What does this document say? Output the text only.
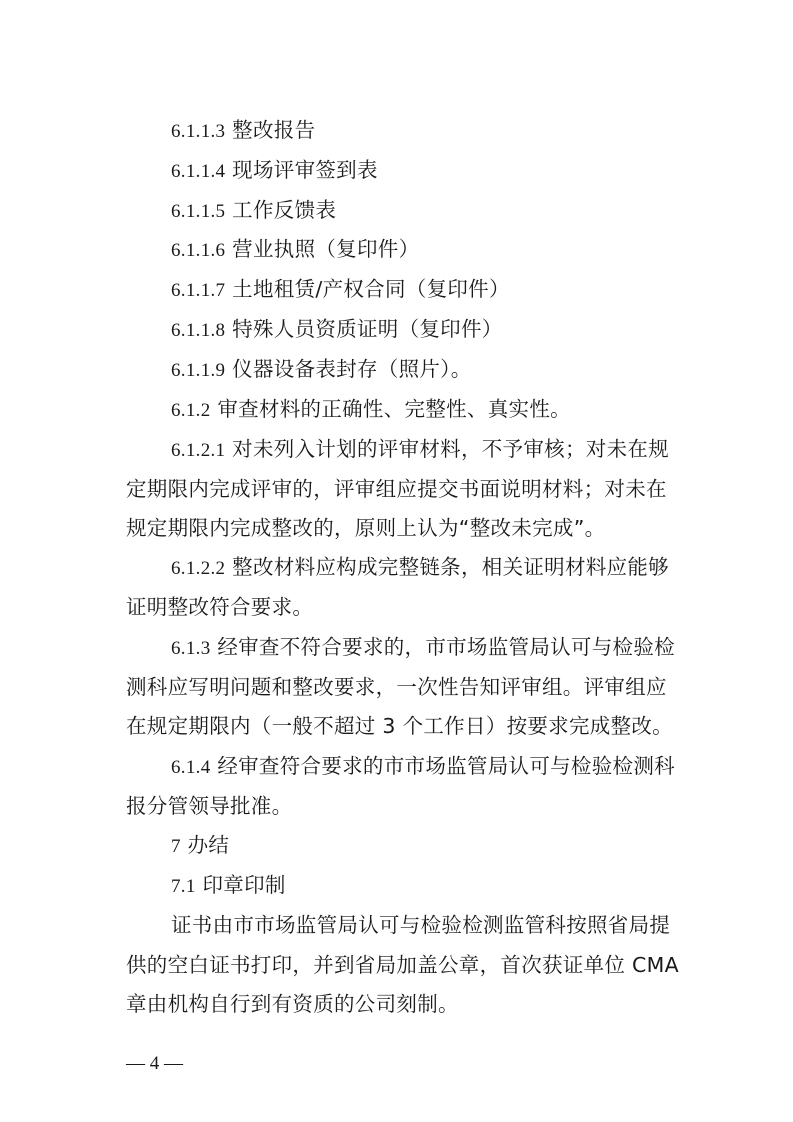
6.1.1.3 整改报告
6.1.1.4 现场评审签到表
6.1.1.5 工作反馈表
6.1.1.6 营业执照（复印件）
6.1.1.7 土地租赁/产权合同（复印件）
6.1.1.8 特殊人员资质证明（复印件）
6.1.1.9 仪器设备表封存（照片）。
6.1.2 审查材料的正确性、完整性、真实性。
6.1.2.1 对未列入计划的评审材料，不予审核；对未在规
定期限内完成评审的，评审组应提交书面说明材料；对未在
规定期限内完成整改的，原则上认为“整改未完成”。
6.1.2.2 整改材料应构成完整链条，相关证明材料应能够
证明整改符合要求。
6.1.3 经审查不符合要求的，市市场监管局认可与检验检
测科应写明问题和整改要求，一次性告知评审组。评审组应
在规定期限内（一般不超过 3 个工作日）按要求完成整改。
6.1.4 经审查符合要求的市市场监管局认可与检验检测科
报分管领导批准。
7 办结
7.1 印章印制
证书由市市场监管局认可与检验检测监管科按照省局提
供的空白证书打印，并到省局加盖公章，首次获证单位 CMA
章由机构自行到有资质的公司刻制。
— 4 —
